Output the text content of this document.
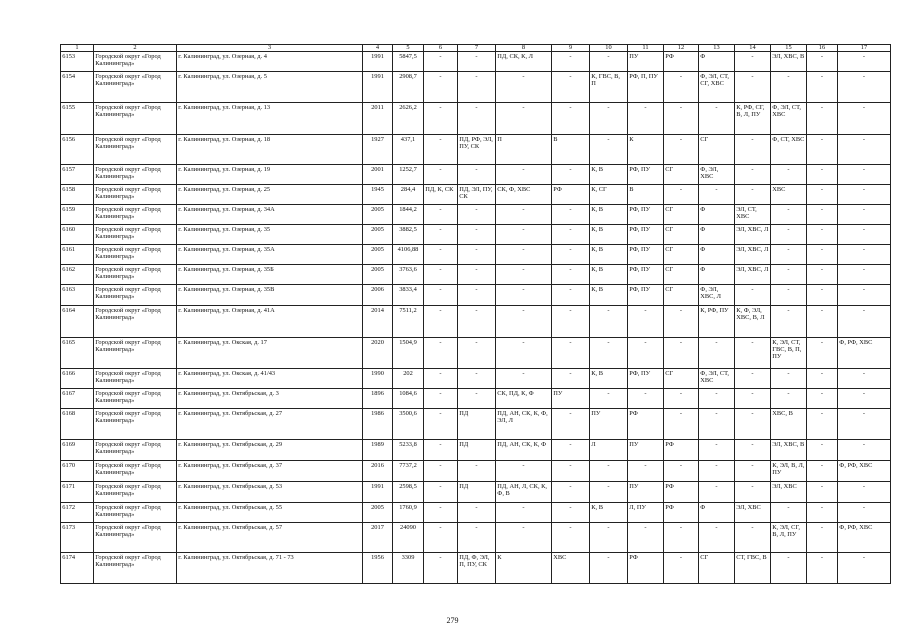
1	2	3	4	5	6	7	8	9	10	11	12	13	14	15	16	17
6153	Городской округ «Город Калининград»	г. Калининград, ул. Озерная, д. 4	1991	5847,5	-	-	ПД, СК, К, Л	-	-	ПУ	РФ	Ф	-	ЭЛ, ХВС, В	-	-
6154	Городской округ «Город Калининград»	г. Калининград, ул. Озерная, д. 5	1991	2908,7	-	-	-	-	К, ГВС, В, П	РФ, П, ПУ	-	Ф, ЭЛ, СТ, СГ, ХВС	-	-	-	-
6155	Городской округ «Город Калининград»	г. Калининград, ул. Озерная, д. 13	2011	2626,2	-	-	-	-	-	-	-	-	К, РФ, СГ, В, Л, ПУ	Ф, ЭЛ, СТ, ХВС	-	-
6156	Городской округ «Город Калининград»	г. Калининград, ул. Озерная, д. 18	1927	437,1	-	ПД, РФ, ЭЛ, ПУ, СК	П	В	-	К	-	СГ	-	Ф, СТ, ХВС	-	-
6157	Городской округ «Город Калининград»	г. Калининград, ул. Озерная, д. 19	2001	1252,7	-	-	-	-	К, В	РФ, ПУ	СГ	Ф, ЭЛ, ХВС	-	-	-	-
6158	Городской округ «Город Калининград»	г. Калининград, ул. Озерная, д. 25	1945	284,4	ПД, К, СК	ПД, ЭЛ, ПУ, СК	СК, Ф, ХВС	РФ	К, СГ	В	-	-	-	ХВС	-	-
6159	Городской округ «Город Калининград»	г. Калининград, ул. Озерная, д. 34А	2005	1844,2	-	-	-	-	К, В	РФ, ПУ	СГ	Ф	ЭЛ, СТ, ХВС	-	-	-
6160	Городской округ «Город Калининград»	г. Калининград, ул. Озерная, д. 35	2005	3882,5	-	-	-	-	К, В	РФ, ПУ	СГ	Ф	ЭЛ, ХВС, Л	-	-	-
6161	Городской округ «Город Калининград»	г. Калининград, ул. Озерная, д. 35А	2005	4106,88	-	-	-	-	К, В	РФ, ПУ	СГ	Ф	ЭЛ, ХВС, Л	-	-	-
6162	Городской округ «Город Калининград»	г. Калининград, ул. Озерная, д. 35Б	2005	3763,6	-	-	-	-	К, В	РФ, ПУ	СГ	Ф	ЭЛ, ХВС, Л	-	-	-
6163	Городской округ «Город Калининград»	г. Калининград, ул. Озерная, д. 35В	2006	3833,4	-	-	-	-	К, В	РФ, ПУ	СГ	Ф, ЭЛ, ХВС, Л	-	-	-	-
6164	Городской округ «Город Калининград»	г. Калининград, ул. Озерная, д. 41А	2014	7511,2	-	-	-	-	-	-	-	К, РФ, ПУ	К, Ф, ЭЛ, ХВС, В, Л	-	-	-
6165	Городской округ «Город Калининград»	г. Калининград, ул. Окская, д. 17	2020	1504,9	-	-	-	-	-	-	-	-	-	К, ЭЛ, СТ, ГВС, В, П, ПУ	-	Ф, РФ, ХВС
6166	Городской округ «Город Калининград»	г. Калининград, ул. Окская, д. 41/43	1990	202	-	-	-	-	К, В	РФ, ПУ	СГ	Ф, ЭЛ, СТ, ХВС	-	-	-	-
6167	Городской округ «Город Калининград»	г. Калининград, ул. Октябрьская, д. 3	1896	1084,6	-	-	СК, ПД, К, Ф	ПУ	-	-	-	-	-	-	-	-
6168	Городской округ «Город Калининград»	г. Калининград, ул. Октябрьская, д. 27	1986	3500,6	-	ПД	ПД, АН, СК, К, Ф, ЭЛ, Л	-	ПУ	РФ	-	-	-	ХВС, В	-	-
6169	Городской округ «Город Калининград»	г. Калининград, ул. Октябрьская, д. 29	1989	5233,8	-	ПД	ПД, АН, СК, К, Ф	-	Л	ПУ	РФ	-	-	ЭЛ, ХВС, В	-	-
6170	Городской округ «Город Калининград»	г. Калининград, ул. Октябрьская, д. 37	2016	7737,2	-	-	-	-	-	-	-	-	-	К, ЭЛ, В, Л, ПУ	-	Ф, РФ, ХВС
6171	Городской округ «Город Калининград»	г. Калининград, ул. Октябрьская, д. 53	1991	2598,5	-	ПД	ПД, АН, Л, СК, К, Ф, В	-	-	ПУ	РФ	-	-	ЭЛ, ХВС	-	-
6172	Городской округ «Город Калининград»	г. Калининград, ул. Октябрьская, д. 55	2005	1760,9	-	-	-	-	К, В	Л, ПУ	РФ	Ф	ЭЛ, ХВС	-	-	-
6173	Городской округ «Город Калининград»	г. Калининград, ул. Октябрьская, д. 57	2017	24090	-	-	-	-	-	-	-	-	-	К, ЭЛ, СГ, В, Л, ПУ	-	Ф, РФ, ХВС
6174	Городской округ «Город Калининград»	г. Калининград, ул. Октябрьская, д. 71 - 73	1956	3309	-	ПД, Ф, ЭЛ, П, ПУ, СК	К	ХВС	-	РФ	-	СГ	СТ, ГВС, В	-	-	-
279
